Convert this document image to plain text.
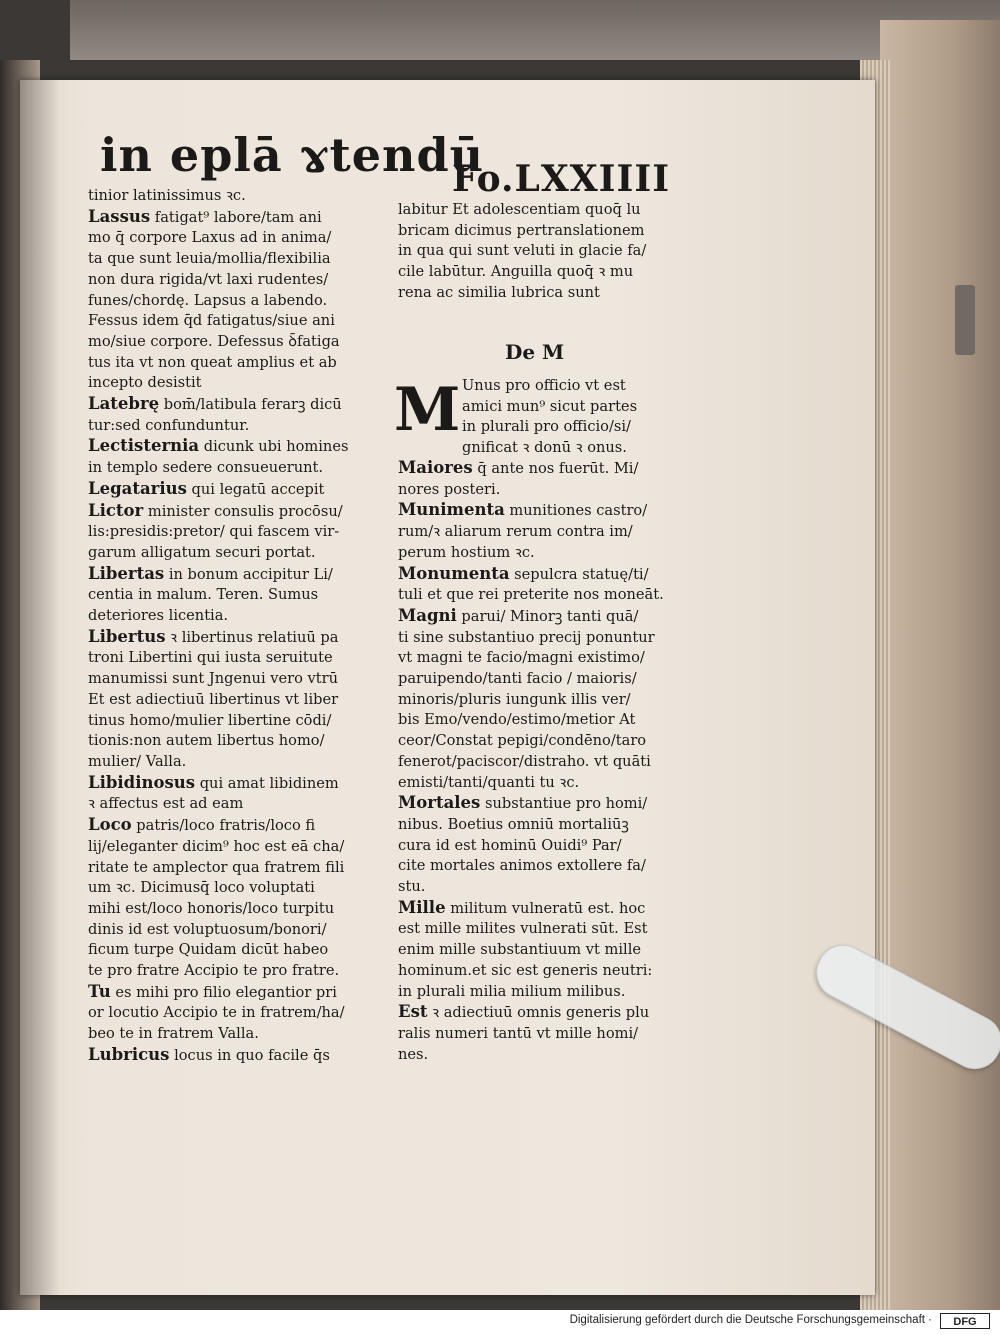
in eplā ɤtendū
Fo.LXXIIII
tinior latinissimus ꝛc.
Lassus fatigat⁹ labore/tam ani
mo q̄ corpore Laxus ad in anima/
ta que sunt leuia/mollia/flexibilia
non dura rigida/vt laxi rudentes/
funes/chordę. Lapsus a labendo.
Fessus idem q̄d fatigatus/siue ani
mo/siue corpore. Defessus ꝺ̄fatiga
tus ita vt non queat amplius et ab
incepto desistit
Latebrę bom̄/latibula ferarꝫ dicū
tur:sed confunduntur.
Lectisternia dicunk ubi homines
in templo sedere consueuerunt.
Legatarius qui legatū accepit
Lictor minister consulis procōsu/
lis:presidis:pretor/ qui fascem vir-
garum alligatum securi portat.
Libertas in bonum accipitur Li/
centia in malum. Teren. Sumus
deteriores licentia.
Libertus ꝛ libertinus relatiuū pa
troni Libertini qui iusta seruitute
manumissi sunt Jngenui vero vtrū
Et est adiectiuū libertinus vt liber
tinus homo/mulier libertine cōdi/
tionis:non autem libertus homo/
mulier/ Valla.
Libidinosus qui amat libidinem
ꝛ affectus est ad eam
Loco patris/loco fratris/loco fi
lij/eleganter dicim⁹ hoc est eā cha/
ritate te amplector qua fratrem fili
um ꝛc. Dicimusq̄ loco voluptati
mihi est/loco honoris/loco turpitu
dinis id est voluptuosum/bonori/
ficum turpe Quidam dicūt habeo
te pro fratre Accipio te pro fratre.
Tu es mihi pro filio elegantior pri
or locutio Accipio te in fratrem/ha/
beo te in fratrem Valla.
Lubricus locus in quo facile q̄s
labitur Et adolescentiam quoq̄ lu
bricam dicimus pertranslationem
in qua qui sunt veluti in glacie fa/
cile labūtur. Anguilla quoq̄ ꝛ mu
rena ac similia lubrica sunt
De M
M Unus pro officio vt est
amici mun⁹ sicut partes
in plurali pro officio/si/
gnificat ꝛ donū ꝛ onus.
Maiores q̄ ante nos fuerūt. Mi/
nores posteri.
Munimenta munitiones castro/
rum/ꝛ aliarum rerum contra im/
perum hostium ꝛc.
Monumenta sepulcra statuę/ti/
tuli et que rei preterite nos moneāt.
Magni parui/ Minorꝫ tanti quā/
ti sine substantiuo precij ponuntur
vt magni te facio/magni existimo/
paruipendo/tanti facio / maioris/
minoris/pluris iungunk illis ver/
bis Emo/vendo/estimo/metior At
ceor/Constat pepigi/condēno/taro
fenerot/paciscor/distraho. vt quāti
emisti/tanti/quanti tu ꝛc.
Mortales substantiue pro homi/
nibus. Boetius omniū mortaliūꝫ
cura id est hominū Ouidi⁹ Par/
cite mortales animos extollere fa/
stu.
Mille militum vulneratū est. hoc
est mille milites vulnerati sūt. Est
enim mille substantiuum vt mille
hominum.et sic est generis neutri:
in plurali milia milium milibus.
Est ꝛ adiectiuū omnis generis plu
ralis numeri tantū vt mille homi/
nes.
Digitalisierung gefördert durch die Deutsche Forschungsgemeinschaft ·	DFG
